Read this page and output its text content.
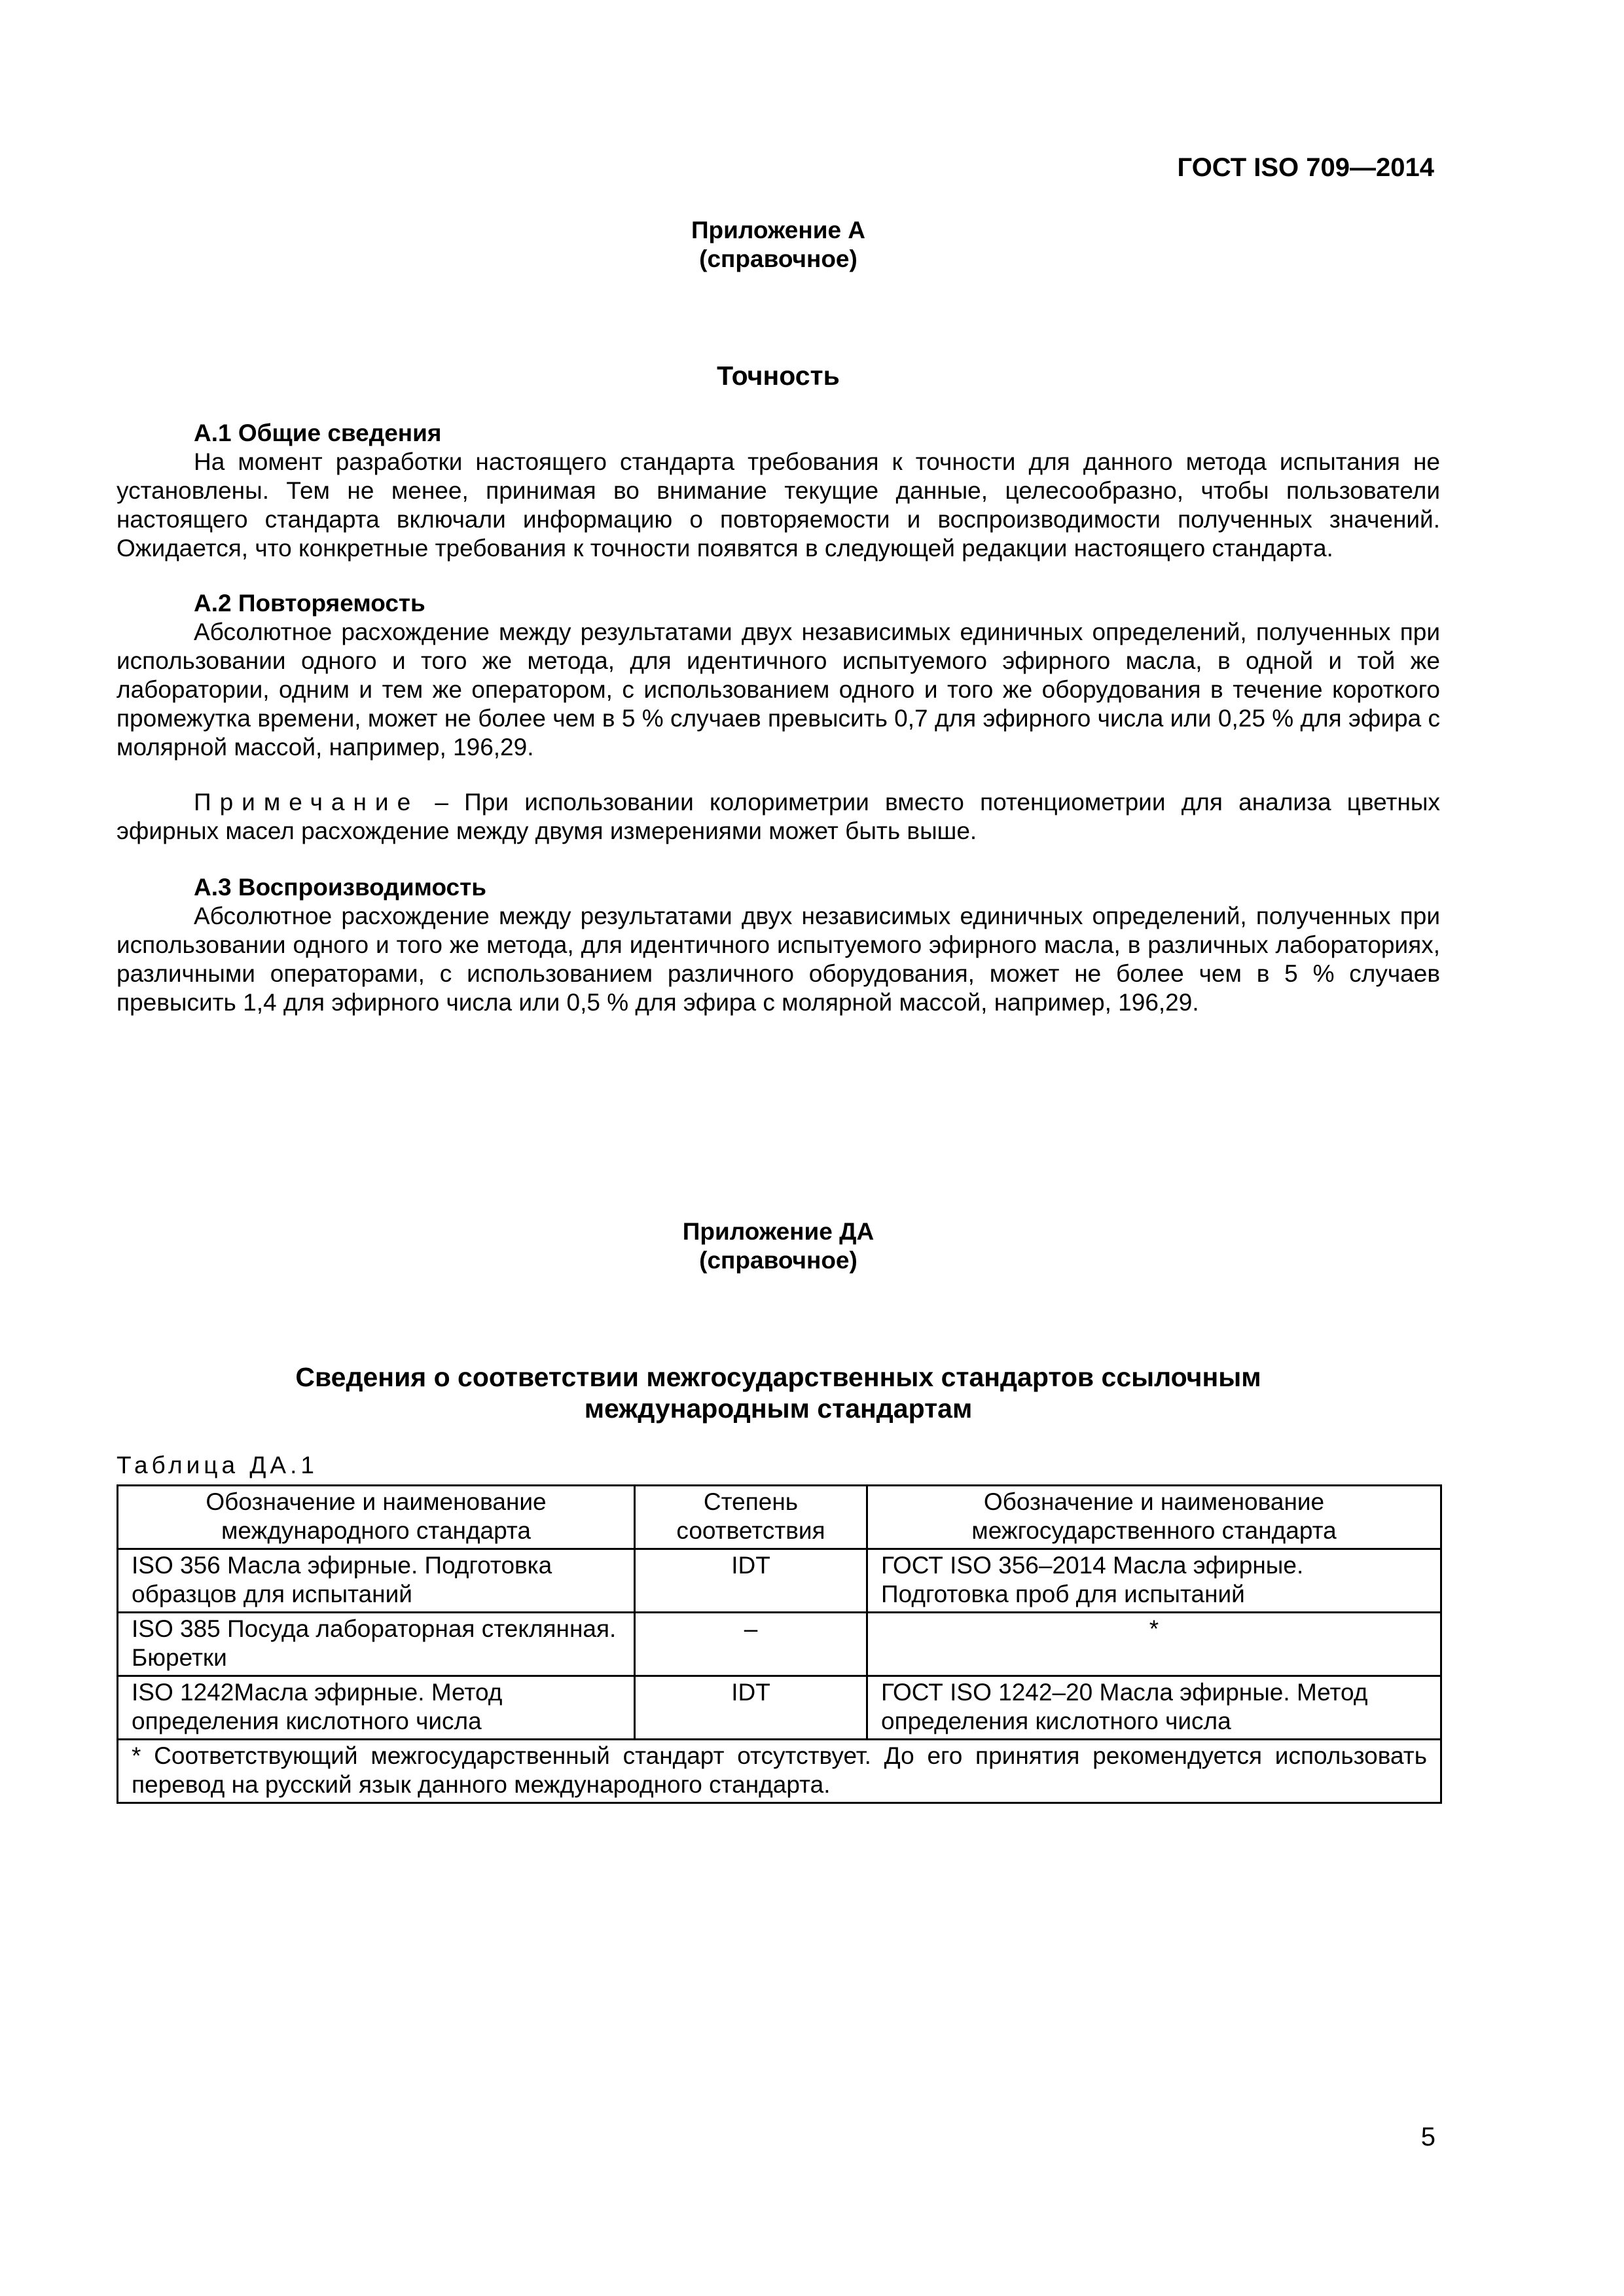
ГОСТ ISO 709—2014
Приложение А
(справочное)
Точность
А.1 Общие сведения
На момент разработки настоящего стандарта требования к точности для данного метода испытания не установлены. Тем не менее, принимая во внимание текущие данные, целесообразно, чтобы пользователи настоящего стандарта включали информацию о повторяемости и воспроизводимости полученных значений. Ожидается, что конкретные требования к точности появятся в следующей редакции настоящего стандарта.
А.2 Повторяемость
Абсолютное расхождение между результатами двух независимых единичных определений, полученных при использовании одного и того же метода, для идентичного испытуемого эфирного масла, в одной и той же лаборатории, одним и тем же оператором, с использованием одного и того же оборудования в течение короткого промежутка времени, может не более чем в 5 % случаев превысить 0,7 для эфирного числа или 0,25 % для эфира с молярной массой, например, 196,29.
Примечание – При использовании колориметрии вместо потенциометрии для анализа цветных эфирных масел расхождение между двумя измерениями может быть выше.
А.3 Воспроизводимость
Абсолютное расхождение между результатами двух независимых единичных определений, полученных при использовании одного и того же метода, для идентичного испытуемого эфирного масла, в различных лабораториях, различными операторами, с использованием различного оборудования, может не более чем в 5 % случаев превысить 1,4 для эфирного числа или 0,5 % для эфира с молярной массой, например, 196,29.
Приложение ДА
(справочное)
Сведения о соответствии межгосударственных стандартов ссылочным
международным стандартам
Таблица ДА.1
Обозначение и наименование международного стандарта	Степень соответствия	Обозначение и наименование межгосударственного стандарта
ISO 356 Масла эфирные. Подготовка образцов для испытаний	IDT	ГОСТ ISO 356–2014 Масла эфирные. Подготовка проб для испытаний
ISO 385 Посуда лабораторная стеклянная. Бюретки	–	*
ISO 1242Масла эфирные. Метод определения кислотного числа	IDT	ГОСТ ISO 1242–20 Масла эфирные. Метод определения кислотного числа
* Соответствующий межгосударственный стандарт отсутствует. До его принятия рекомендуется использовать перевод на русский язык данного международного стандарта.		
5
